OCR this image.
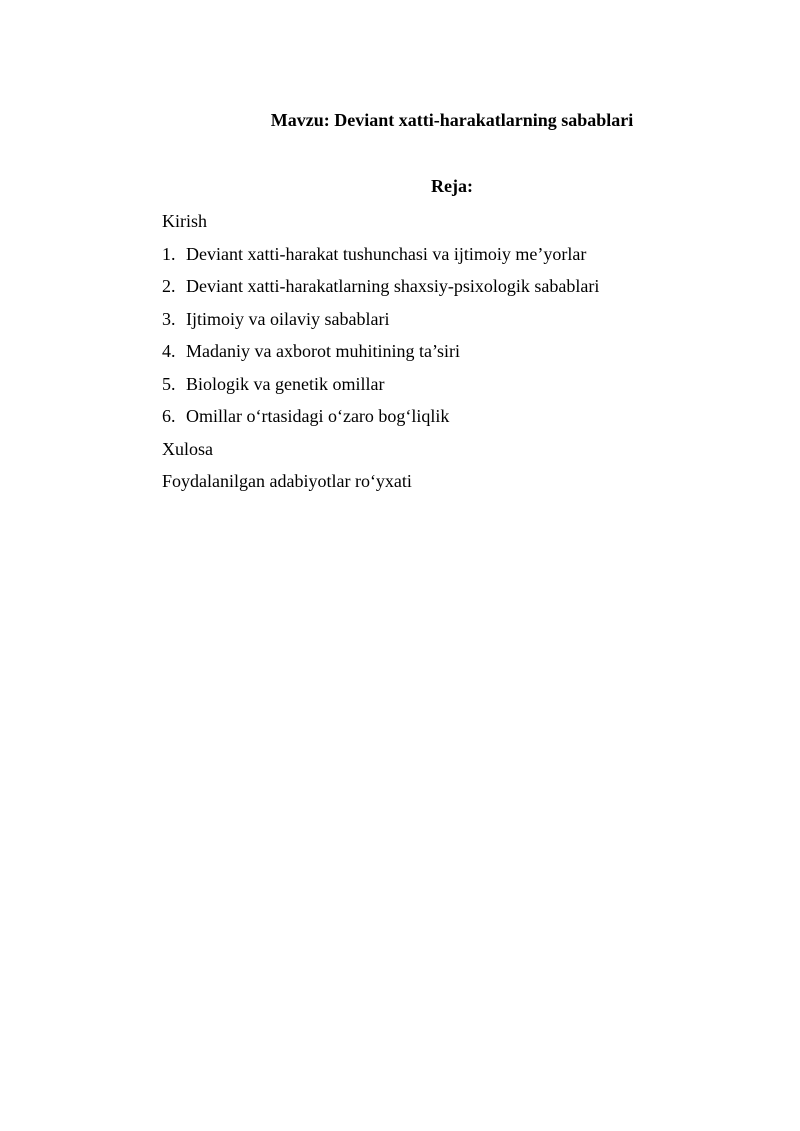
Mavzu: Deviant xatti-harakatlarning sabablari
Reja:
Kirish
1. Deviant xatti-harakat tushunchasi va ijtimoiy me’yorlar
2. Deviant xatti-harakatlarning shaxsiy-psixologik sabablari
3. Ijtimoiy va oilaviy sabablari
4. Madaniy va axborot muhitining ta’siri
5. Biologik va genetik omillar
6. Omillar o‘rtasidagi o‘zaro bog‘liqlik
Xulosa
Foydalanilgan adabiyotlar ro‘yxati
